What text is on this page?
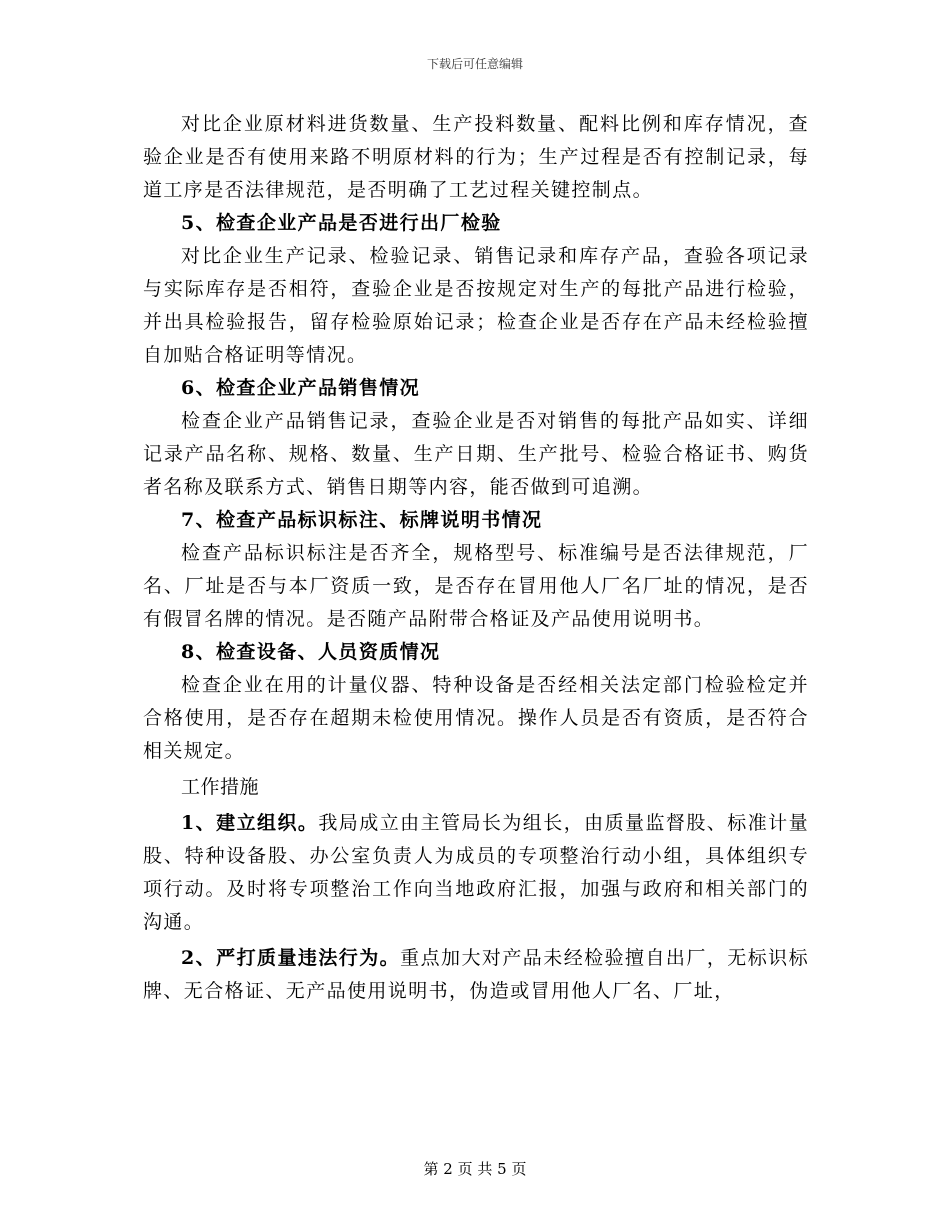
下载后可任意编辑

对比企业原材料进货数量、生产投料数量、配料比例和库存情况，查验企业是否有使用来路不明原材料的行为；生产过程是否有控制记录，每道工序是否法律规范，是否明确了工艺过程关键控制点。

5、检查企业产品是否进行出厂检验

对比企业生产记录、检验记录、销售记录和库存产品，查验各项记录与实际库存是否相符，查验企业是否按规定对生产的每批产品进行检验，并出具检验报告，留存检验原始记录；检查企业是否存在产品未经检验擅自加贴合格证明等情况。

6、检查企业产品销售情况

检查企业产品销售记录，查验企业是否对销售的每批产品如实、详细记录产品名称、规格、数量、生产日期、生产批号、检验合格证书、购货者名称及联系方式、销售日期等内容，能否做到可追溯。

7、检查产品标识标注、标牌说明书情况

检查产品标识标注是否齐全，规格型号、标准编号是否法律规范，厂名、厂址是否与本厂资质一致，是否存在冒用他人厂名厂址的情况，是否有假冒名牌的情况。是否随产品附带合格证及产品使用说明书。

8、检查设备、人员资质情况

检查企业在用的计量仪器、特种设备是否经相关法定部门检验检定并合格使用，是否存在超期未检使用情况。操作人员是否有资质，是否符合相关规定。

工作措施

1、建立组织。我局成立由主管局长为组长，由质量监督股、标准计量股、特种设备股、办公室负责人为成员的专项整治行动小组，具体组织专项行动。及时将专项整治工作向当地政府汇报，加强与政府和相关部门的沟通。

2、严打质量违法行为。重点加大对产品未经检验擅自出厂，无标识标牌、无合格证、无产品使用说明书，伪造或冒用他人厂名、厂址，

第 2 页 共 5 页
